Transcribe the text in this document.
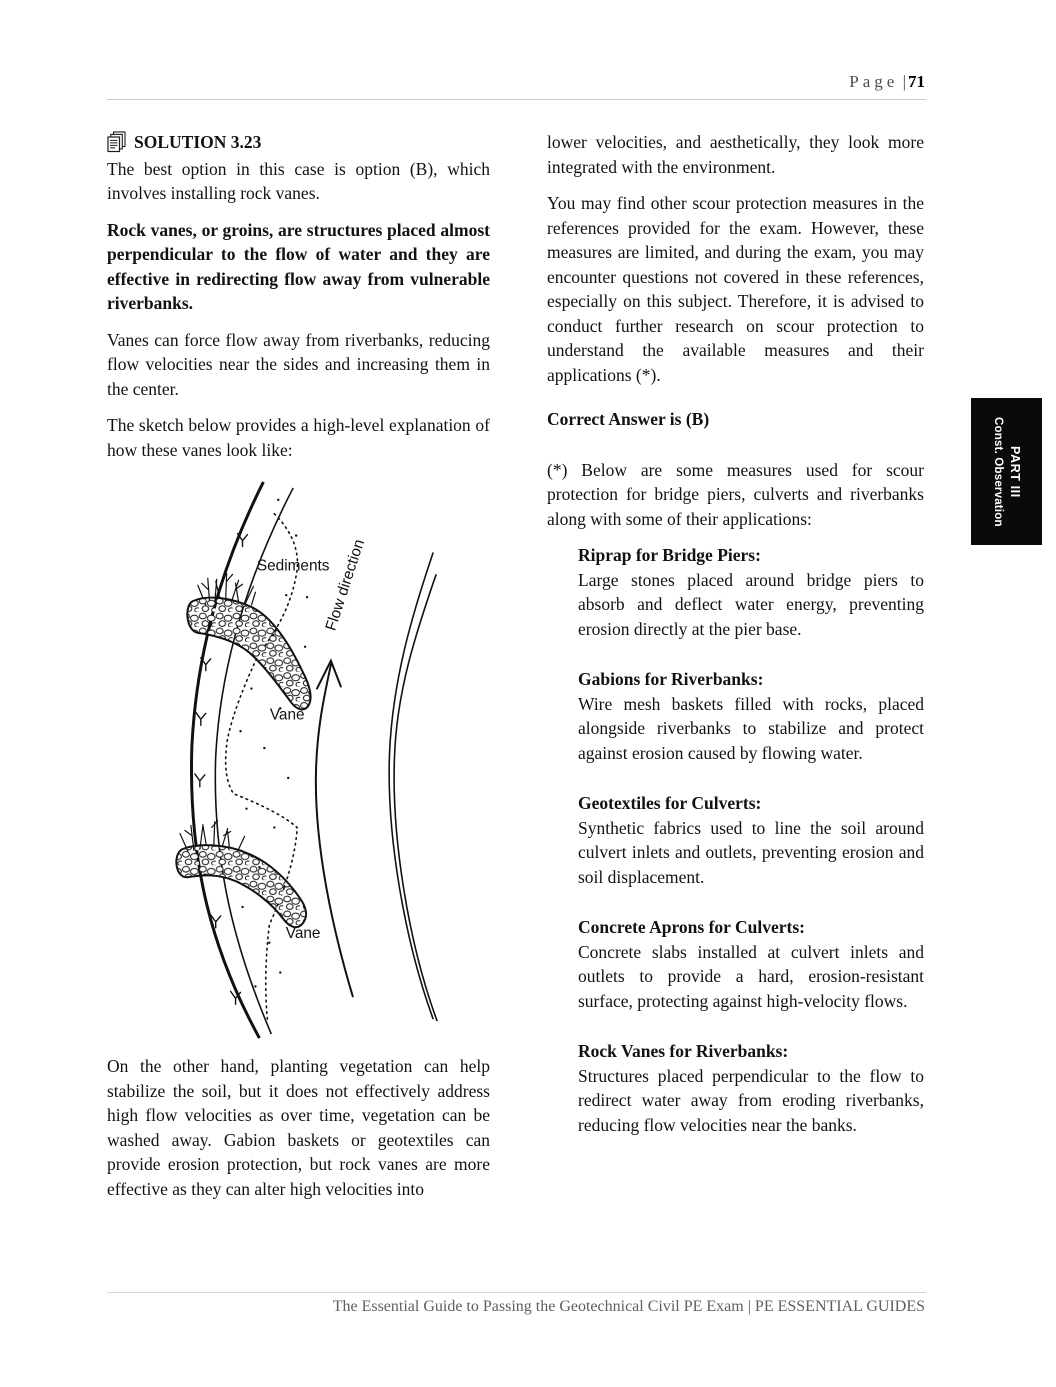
Page | 71
SOLUTION 3.23

The best option in this case is option (B), which involves installing rock vanes.

Rock vanes, or groins, are structures placed almost perpendicular to the flow of water and they are effective in redirecting flow away from vulnerable riverbanks.

Vanes can force flow away from riverbanks, reducing flow velocities near the sides and increasing them in the center.

The sketch below provides a high-level explanation of how these vanes look like:

Sediments
Flow direction
Vane
Vane

On the other hand, planting vegetation can help stabilize the soil, but it does not effectively address high flow velocities as over time, vegetation can be washed away. Gabion baskets or geotextiles can provide erosion protection, but rock vanes are more effective as they can alter high velocities into

lower velocities, and aesthetically, they look more integrated with the environment.

You may find other scour protection measures in the references provided for the exam. However, these measures are limited, and during the exam, you may encounter questions not covered in these references, especially on this subject. Therefore, it is advised to conduct further research on scour protection to understand the available measures and their applications (*).

Correct Answer is (B)

(*) Below are some measures used for scour protection for bridge piers, culverts and riverbanks along with some of their applications:

Riprap for Bridge Piers:

Large stones placed around bridge piers to absorb and deflect water energy, preventing erosion directly at the pier base.

Gabions for Riverbanks:

Wire mesh baskets filled with rocks, placed alongside riverbanks to stabilize and protect against erosion caused by flowing water.

Geotextiles for Culverts:

Synthetic fabrics used to line the soil around culvert inlets and outlets, preventing erosion and soil displacement.

Concrete Aprons for Culverts:

Concrete slabs installed at culvert inlets and outlets to provide a hard, erosion-resistant surface, protecting against high-velocity flows.

Rock Vanes for Riverbanks:

Structures placed perpendicular to the flow to redirect water away from eroding riverbanks, reducing flow velocities near the banks.

PART III
Const. Observation
The Essential Guide to Passing the Geotechnical Civil PE Exam | PE ESSENTIAL GUIDES
